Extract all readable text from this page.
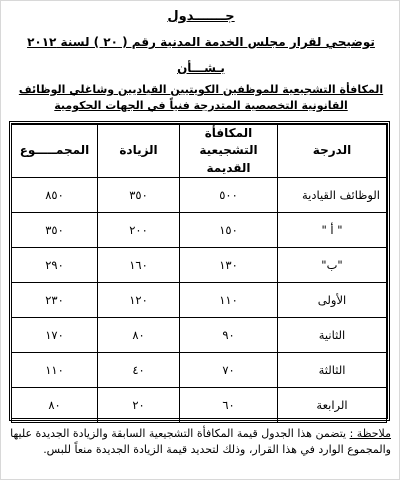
جـــــــدول
توضيحي لقرار مجلس الخدمة المدنية رقم ( ٢٠ ) لسنة ٢٠١٢
بـشـــأن
المكافأة التشجيعية للموظفين الكويتيين القياديين وشاغلي الوظائف
القانونية التخصصية المتدرجة فنياً في الجهات الحكومية
الدرجة	المكافأة التشجيعية القديمة	الزيادة	المجمـــــوع
الوظائف القيادية	٥٠٠	٣٥٠	٨٥٠
" أ "	١٥٠	٢٠٠	٣٥٠
"ب"	١٣٠	١٦٠	٢٩٠
الأولى	١١٠	١٢٠	٢٣٠
الثانية	٩٠	٨٠	١٧٠
الثالثة	٧٠	٤٠	١١٠
الرابعة	٦٠	٢٠	٨٠
ملاحظة : يتضمن هذا الجدول قيمة المكافأة التشجيعية السابقة والزيادة الجديدة عليها والمجموع الوارد في هذا القرار، وذلك لتحديد قيمة الزيادة الجديدة منعاً للبس.
